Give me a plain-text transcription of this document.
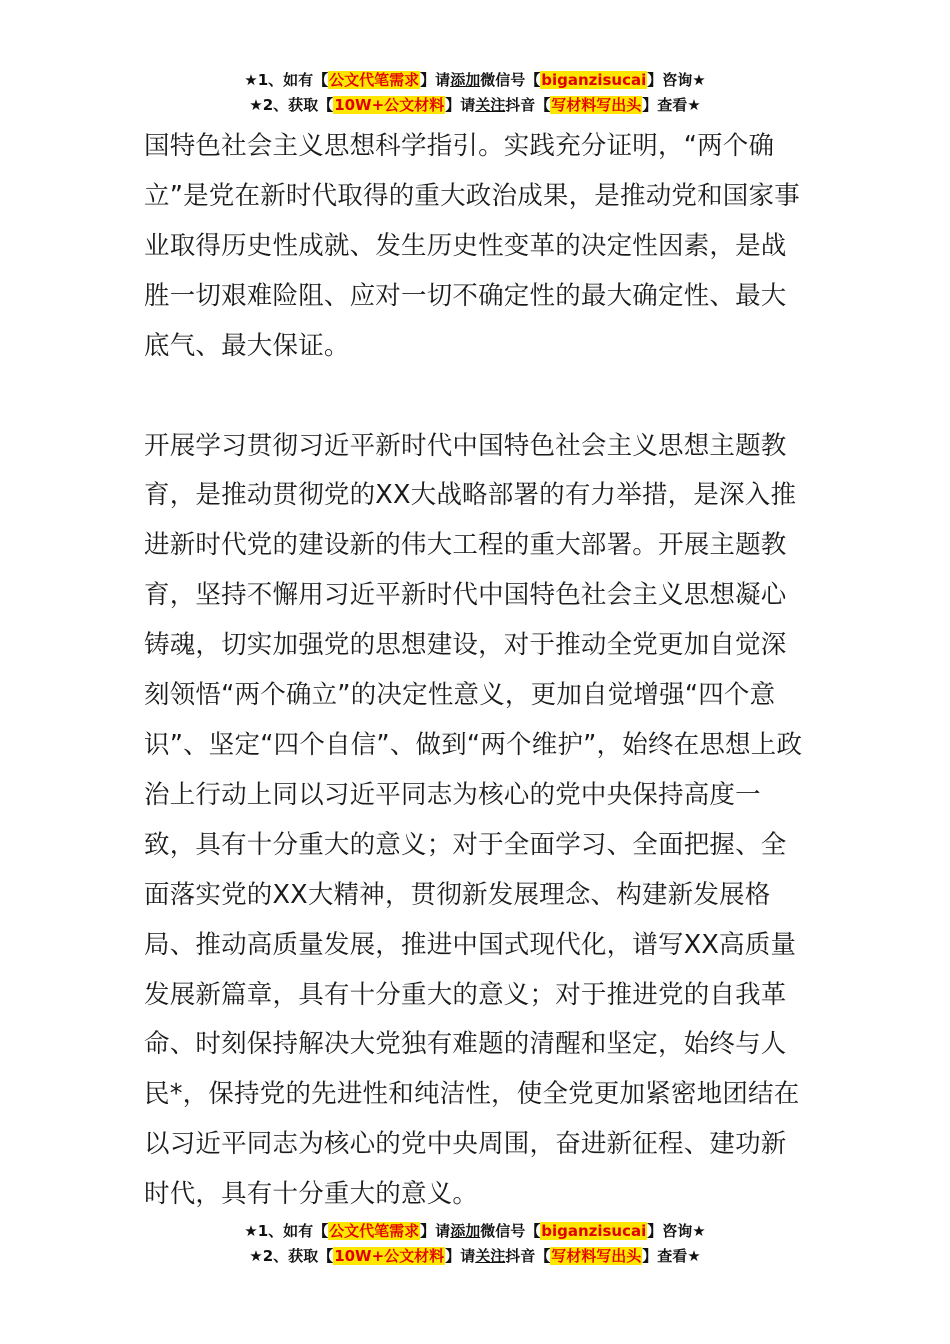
★1、如有【公文代笔需求】请添加微信号【biganzisucai】咨询★
★2、获取【10W+公文材料】请关注抖音【写材料写出头】查看★

国特色社会主义思想科学指引。实践充分证明，“两个确立”是党在新时代取得的重大政治成果，是推动党和国家事业取得历史性成就、发生历史性变革的决定性因素，是战胜一切艰难险阻、应对一切不确定性的最大确定性、最大底气、最大保证。

开展学习贯彻习近平新时代中国特色社会主义思想主题教育，是推动贯彻党的XX大战略部署的有力举措，是深入推进新时代党的建设新的伟大工程的重大部署。开展主题教育，坚持不懈用习近平新时代中国特色社会主义思想凝心铸魂，切实加强党的思想建设，对于推动全党更加自觉深刻领悟“两个确立”的决定性意义，更加自觉增强“四个意识”、坚定“四个自信”、做到“两个维护”，始终在思想上政治上行动上同以习近平同志为核心的党中央保持高度一致，具有十分重大的意义；对于全面学习、全面把握、全面落实党的XX大精神，贯彻新发展理念、构建新发展格局、推动高质量发展，推进中国式现代化，谱写XX高质量发展新篇章，具有十分重大的意义；对于推进党的自我革命、时刻保持解决大党独有难题的清醒和坚定，始终与人民*，保持党的先进性和纯洁性，使全党更加紧密地团结在以习近平同志为核心的党中央周围，奋进新征程、建功新时代，具有十分重大的意义。

★1、如有【公文代笔需求】请添加微信号【biganzisucai】咨询★
★2、获取【10W+公文材料】请关注抖音【写材料写出头】查看★
